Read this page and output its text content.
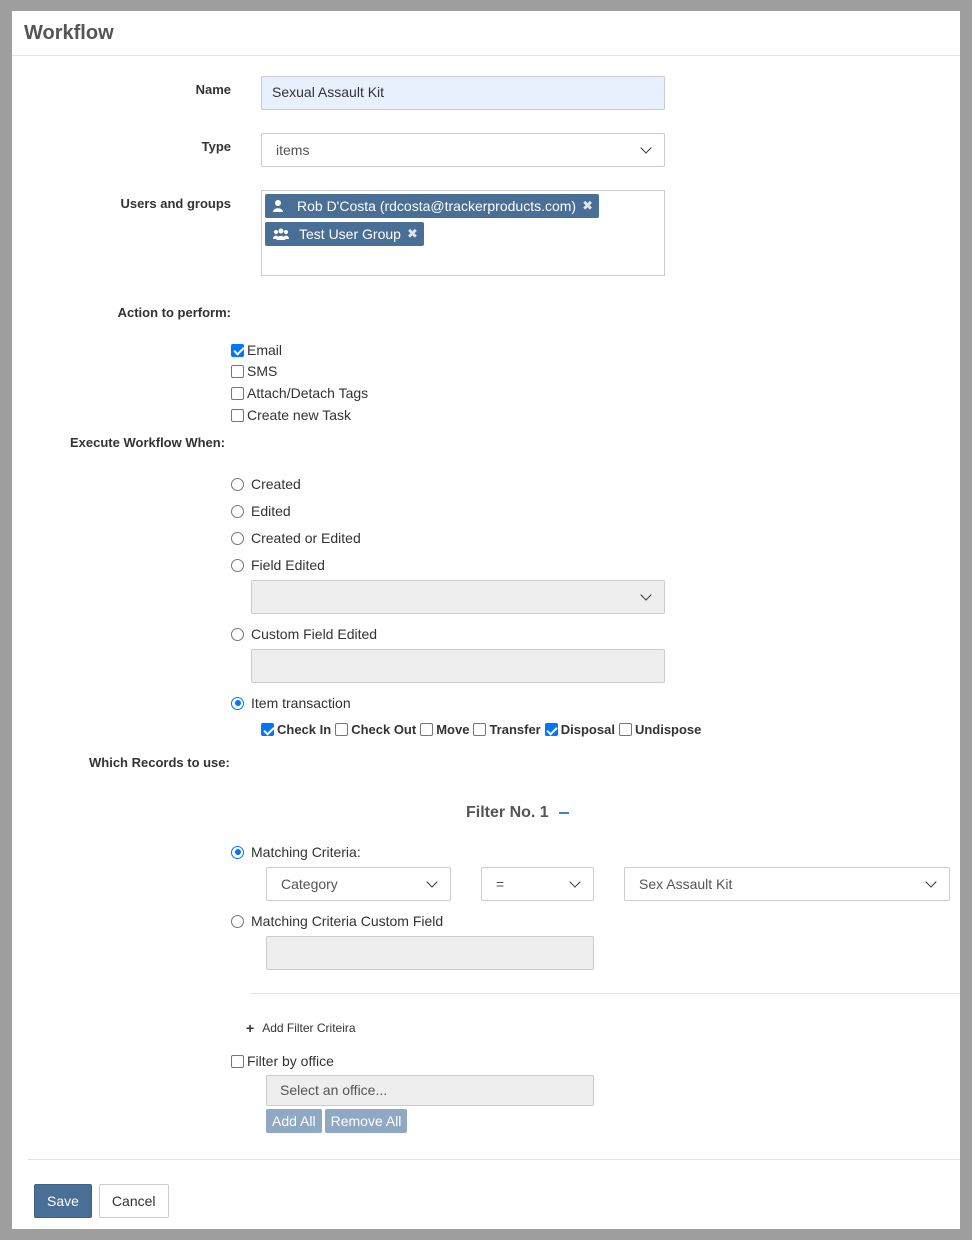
Workflow
Name	Sexual Assault Kit
Type	items
Users and groups	Rob D'Costa (rdcosta@trackerproducts.com) ✖
Test User Group ✖
Action to perform:
Email
SMS
Attach/Detach Tags
Create new Task
Execute Workflow When:
Created
Edited
Created or Edited
Field Edited
Custom Field Edited
Item transaction
Check In Check Out Move Transfer Disposal Undispose
Which Records to use:
Filter No. 1
Matching Criteria:
Category	=	Sex Assault Kit
Matching Criteria Custom Field
+ Add Filter Criteira
Filter by office
Select an office...
Add All	Remove All
Save	Cancel
